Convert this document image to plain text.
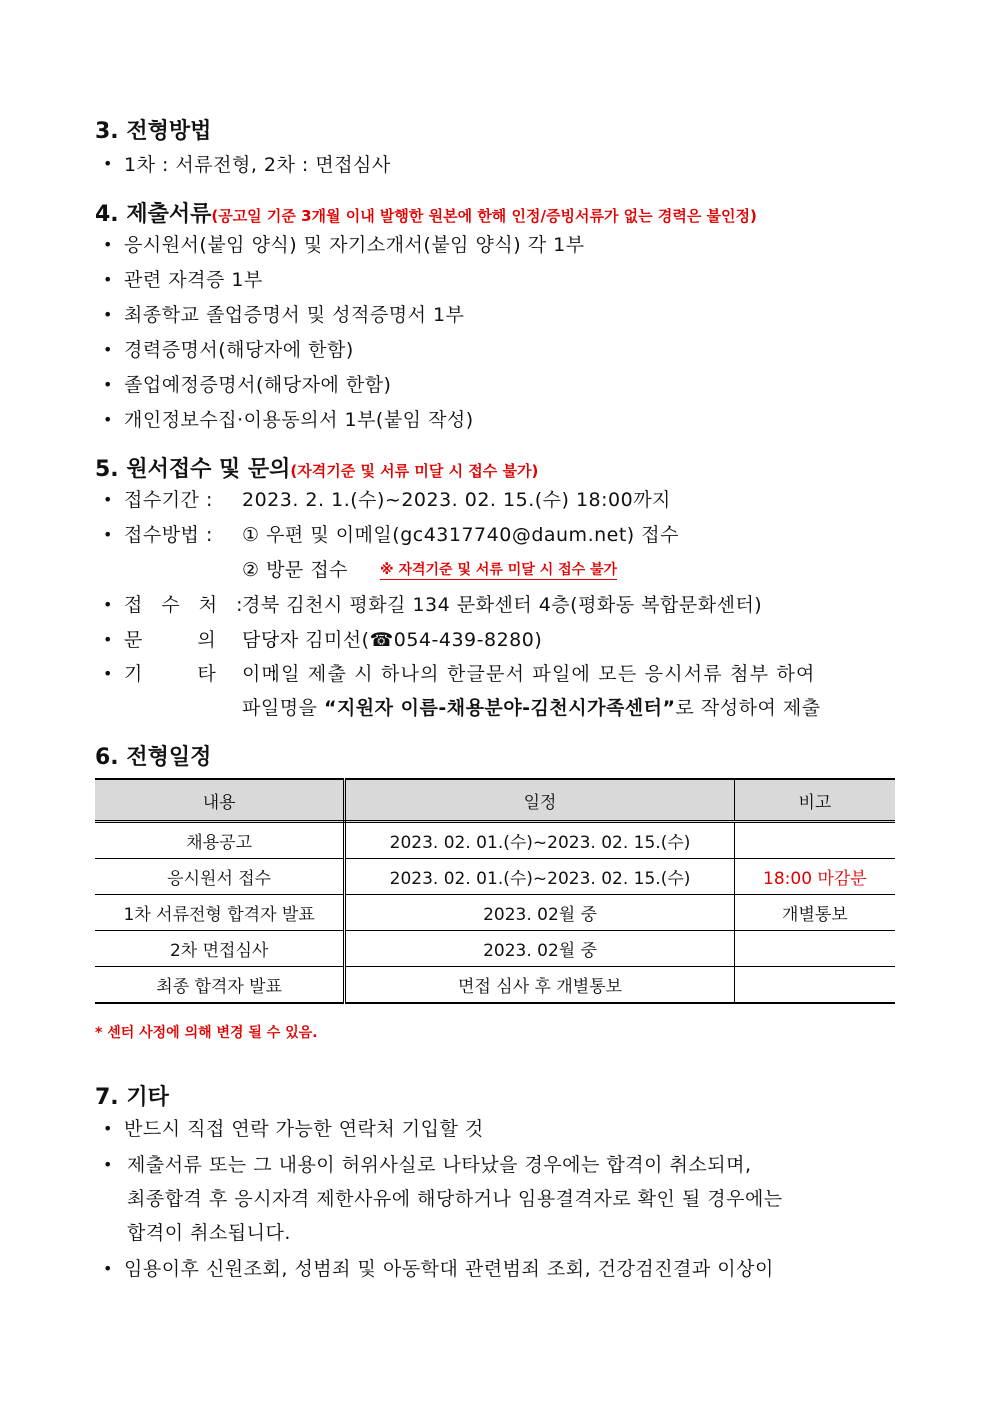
3. 전형방법
• 1차 : 서류전형, 2차 : 면접심사
4. 제출서류(공고일 기준 3개월 이내 발행한 원본에 한해 인정/증빙서류가 없는 경력은 불인정)
• 응시원서(붙임 양식) 및 자기소개서(붙임 양식) 각 1부
• 관련 자격증 1부
• 최종학교 졸업증명서 및 성적증명서 1부
• 경력증명서(해당자에 한함)
• 졸업예정증명서(해당자에 한함)
• 개인정보수집·이용동의서 1부(붙임 작성)
5. 원서접수 및 문의(자격기준 및 서류 미달 시 접수 불가)
• 접수기간 : 2023. 2. 1.(수)~2023. 02. 15.(수) 18:00까지
• 접수방법 : ① 우편 및 이메일(gc4317740@daum.net) 접수
② 방문 접수 ※ 자격기준 및 서류 미달 시 접수 불가
• 접 수 처 :
경북 김천시 평화길 134 문화센터 4층(평화동 복합문화센터)
• 문 의 :
담당자 김미선(☎054-439-8280)
• 기 타 :
이메일 제출 시 하나의 한글문서 파일에 모든 응시서류 첨부 하여
파일명을 “지원자 이름-채용분야-김천시가족센터”로 작성하여 제출
6. 전형일정
내용	일정	비고
채용공고	2023. 02. 01.(수)~2023. 02. 15.(수)	
응시원서 접수	2023. 02. 01.(수)~2023. 02. 15.(수)	18:00 마감분
1차 서류전형 합격자 발표	2023. 02월 중	개별통보
2차 면접심사	2023. 02월 중	
최종 합격자 발표	면접 심사 후 개별통보	
* 센터 사정에 의해 변경 될 수 있음.
7. 기타
• 반드시 직접 연락 가능한 연락처 기입할 것
• 제출서류 또는 그 내용이 허위사실로 나타났을 경우에는 합격이 취소되며,
최종합격 후 응시자격 제한사유에 해당하거나 임용결격자로 확인 될 경우에는
합격이 취소됩니다.
• 임용이후 신원조회, 성범죄 및 아동학대 관련범죄 조회, 건강검진결과 이상이
